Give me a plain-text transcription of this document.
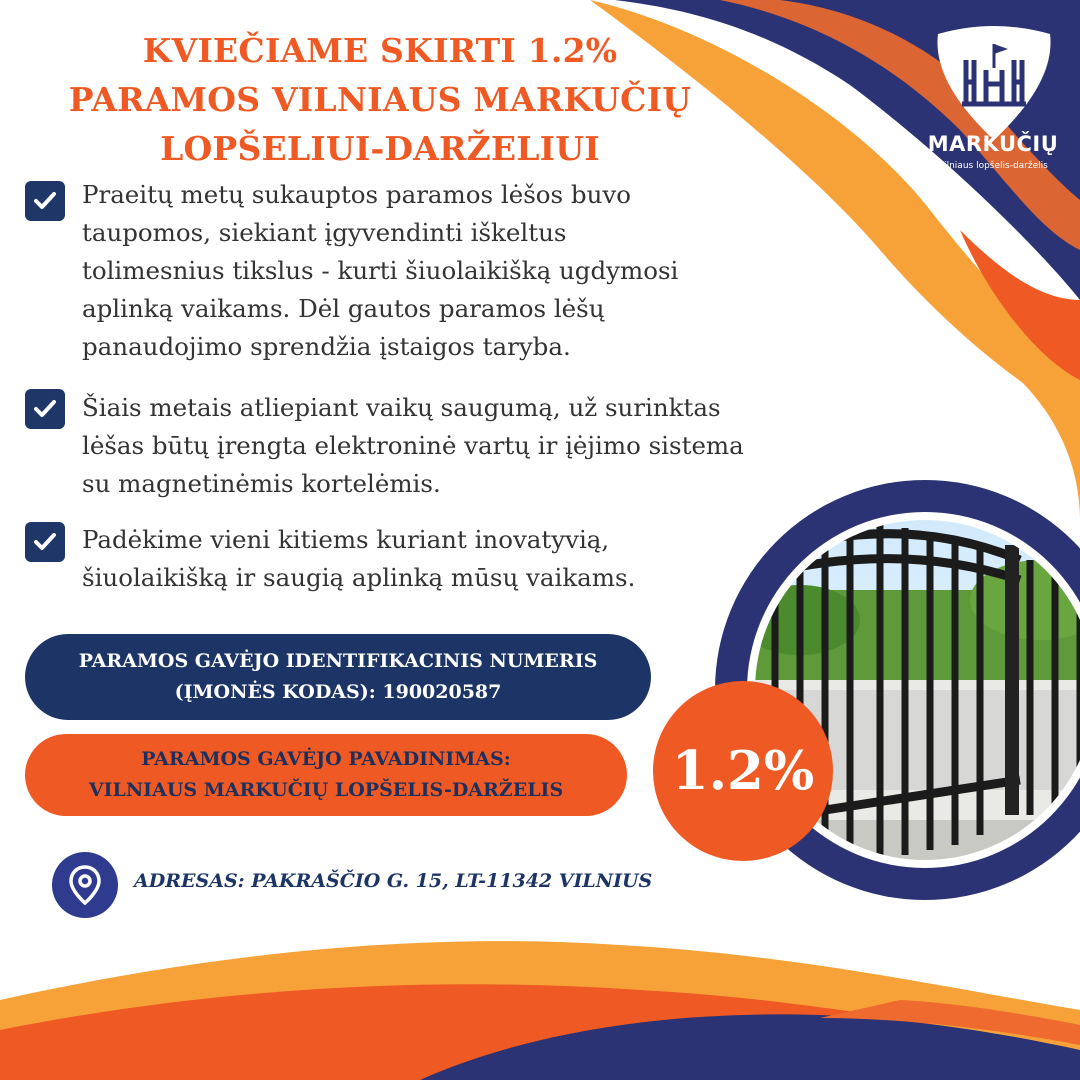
MARKUČIŲ
Vilniaus lopšelis-darželis
KVIEČIAME SKIRTI 1.2%
PARAMOS VILNIAUS MARKUČIŲ
LOPŠELIUI-DARŽELIUI
Praeitų metų sukauptos paramos lėšos buvo
taupomos, siekiant įgyvendinti iškeltus
tolimesnius tikslus - kurti šiuolaikišką ugdymosi
aplinką vaikams. Dėl gautos paramos lėšų
panaudojimo sprendžia įstaigos taryba.
Šiais metais atliepiant vaikų saugumą, už surinktas
lėšas būtų įrengta elektroninė vartų ir įėjimo sistema
su magnetinėmis kortelėmis.
Padėkime vieni kitiems kuriant inovatyvią,
šiuolaikišką ir saugią aplinką mūsų vaikams.
PARAMOS GAVĖJO IDENTIFIKACINIS NUMERIS
(ĮMONĖS KODAS): 190020587
PARAMOS GAVĖJO PAVADINIMAS:
VILNIAUS MARKUČIŲ LOPŠELIS-DARŽELIS	1.2%
ADRESAS: PAKRAŠČIO G. 15, LT-11342 VILNIUS
